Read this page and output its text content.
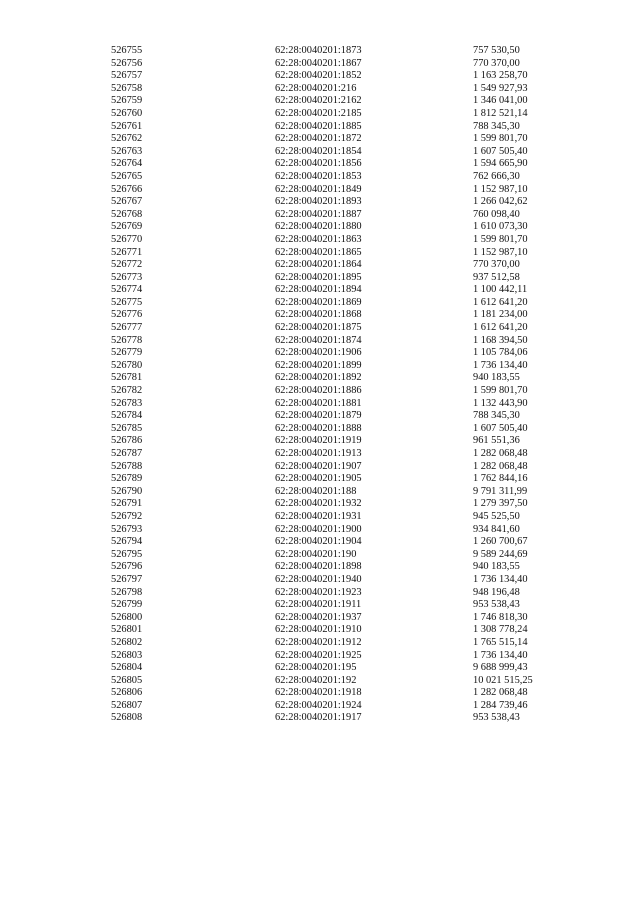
526755	62:28:0040201:1873	757 530,50
526756	62:28:0040201:1867	770 370,00
526757	62:28:0040201:1852	1 163 258,70
526758	62:28:0040201:216	1 549 927,93
526759	62:28:0040201:2162	1 346 041,00
526760	62:28:0040201:2185	1 812 521,14
526761	62:28:0040201:1885	788 345,30
526762	62:28:0040201:1872	1 599 801,70
526763	62:28:0040201:1854	1 607 505,40
526764	62:28:0040201:1856	1 594 665,90
526765	62:28:0040201:1853	762 666,30
526766	62:28:0040201:1849	1 152 987,10
526767	62:28:0040201:1893	1 266 042,62
526768	62:28:0040201:1887	760 098,40
526769	62:28:0040201:1880	1 610 073,30
526770	62:28:0040201:1863	1 599 801,70
526771	62:28:0040201:1865	1 152 987,10
526772	62:28:0040201:1864	770 370,00
526773	62:28:0040201:1895	937 512,58
526774	62:28:0040201:1894	1 100 442,11
526775	62:28:0040201:1869	1 612 641,20
526776	62:28:0040201:1868	1 181 234,00
526777	62:28:0040201:1875	1 612 641,20
526778	62:28:0040201:1874	1 168 394,50
526779	62:28:0040201:1906	1 105 784,06
526780	62:28:0040201:1899	1 736 134,40
526781	62:28:0040201:1892	940 183,55
526782	62:28:0040201:1886	1 599 801,70
526783	62:28:0040201:1881	1 132 443,90
526784	62:28:0040201:1879	788 345,30
526785	62:28:0040201:1888	1 607 505,40
526786	62:28:0040201:1919	961 551,36
526787	62:28:0040201:1913	1 282 068,48
526788	62:28:0040201:1907	1 282 068,48
526789	62:28:0040201:1905	1 762 844,16
526790	62:28:0040201:188	9 791 311,99
526791	62:28:0040201:1932	1 279 397,50
526792	62:28:0040201:1931	945 525,50
526793	62:28:0040201:1900	934 841,60
526794	62:28:0040201:1904	1 260 700,67
526795	62:28:0040201:190	9 589 244,69
526796	62:28:0040201:1898	940 183,55
526797	62:28:0040201:1940	1 736 134,40
526798	62:28:0040201:1923	948 196,48
526799	62:28:0040201:1911	953 538,43
526800	62:28:0040201:1937	1 746 818,30
526801	62:28:0040201:1910	1 308 778,24
526802	62:28:0040201:1912	1 765 515,14
526803	62:28:0040201:1925	1 736 134,40
526804	62:28:0040201:195	9 688 999,43
526805	62:28:0040201:192	10 021 515,25
526806	62:28:0040201:1918	1 282 068,48
526807	62:28:0040201:1924	1 284 739,46
526808	62:28:0040201:1917	953 538,43
